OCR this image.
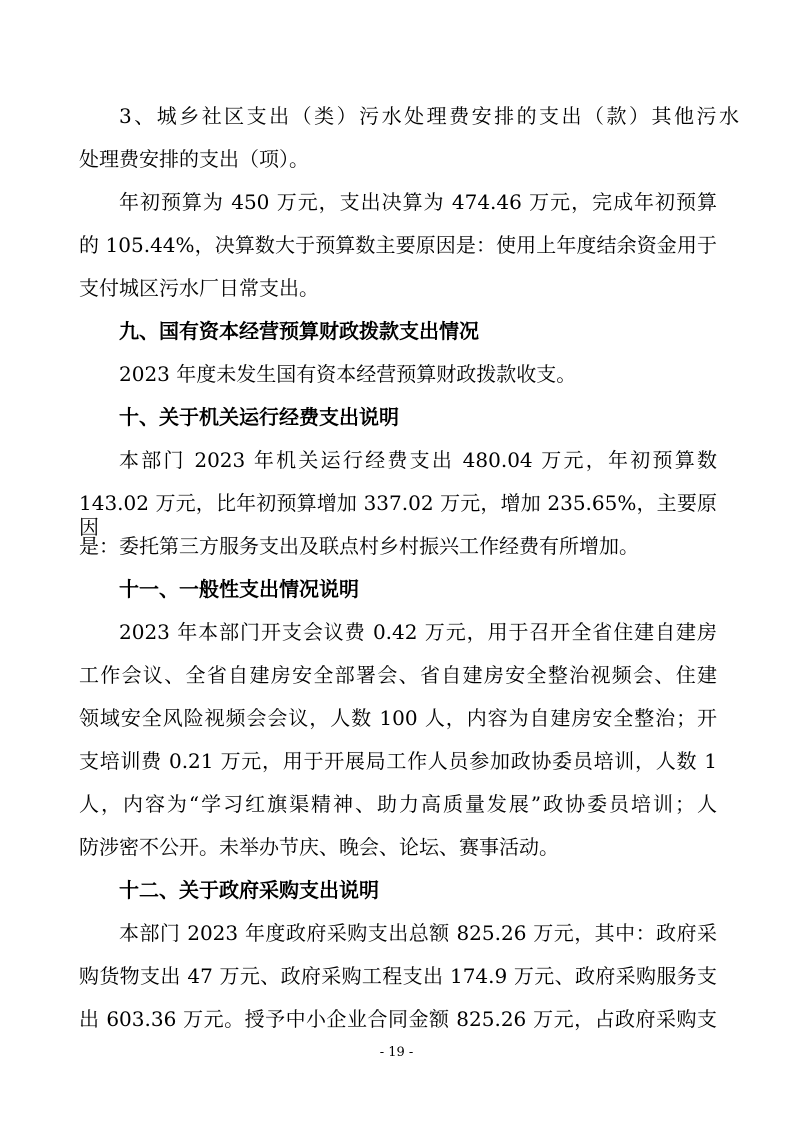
3、城乡社区支出（类）污水处理费安排的支出（款）其他污水
处理费安排的支出（项）。
年初预算为 450 万元，支出决算为 474.46 万元，完成年初预算
的 105.44%，决算数大于预算数主要原因是：使用上年度结余资金用于
支付城区污水厂日常支出。
九、国有资本经营预算财政拨款支出情况
2023 年度未发生国有资本经营预算财政拨款收支。
十、关于机关运行经费支出说明
本部门 2023 年机关运行经费支出 480.04 万元，年初预算数
143.02 万元，比年初预算增加 337.02 万元，增加 235.65%，主要原因
是：委托第三方服务支出及联点村乡村振兴工作经费有所增加。
十一、一般性支出情况说明
2023 年本部门开支会议费 0.42 万元，用于召开全省住建自建房
工作会议、全省自建房安全部署会、省自建房安全整治视频会、住建
领域安全风险视频会会议，人数 100 人，内容为自建房安全整治；开
支培训费 0.21 万元，用于开展局工作人员参加政协委员培训，人数 1
人，内容为“学习红旗渠精神、助力高质量发展”政协委员培训；人
防涉密不公开。未举办节庆、晚会、论坛、赛事活动。
十二、关于政府采购支出说明
本部门 2023 年度政府采购支出总额 825.26 万元，其中：政府采
购货物支出 47 万元、政府采购工程支出 174.9 万元、政府采购服务支
出 603.36 万元。授予中小企业合同金额 825.26 万元，占政府采购支
- 19 -
